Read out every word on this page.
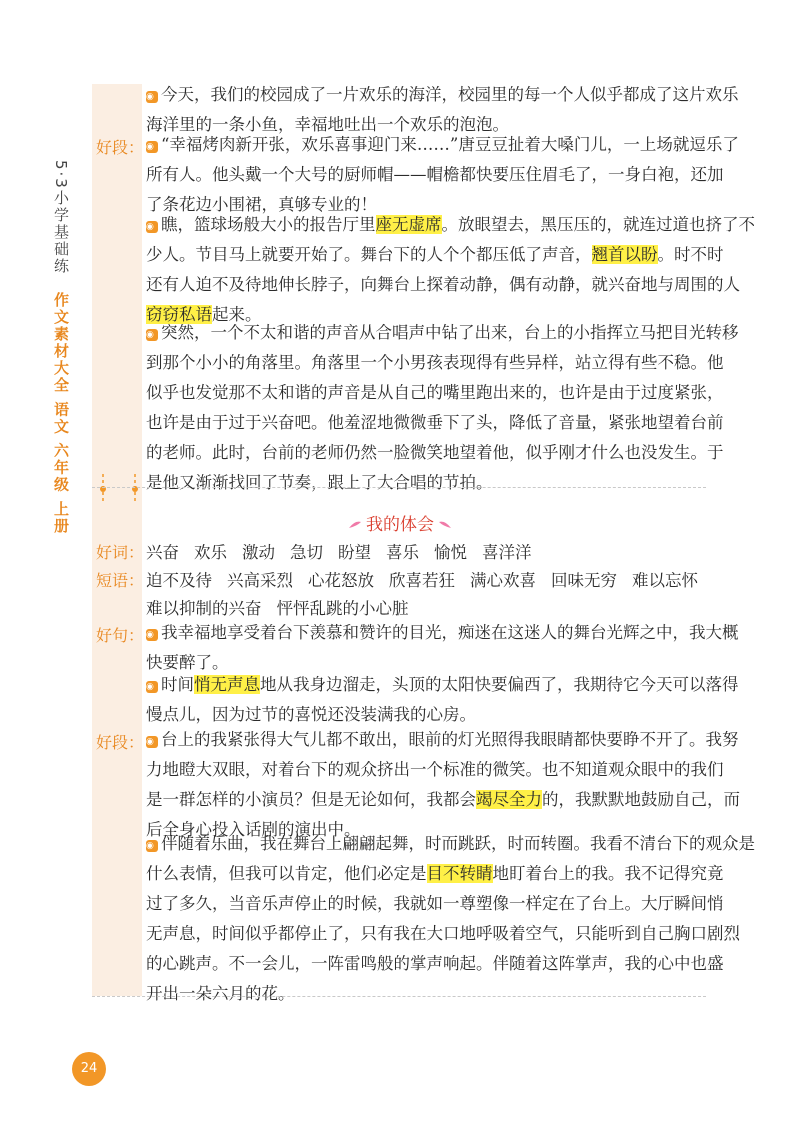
5·3小学基础练 作文素材大全 语文 六年级 上册
◉ 今天，我们的校园成了一片欢乐的海洋，校园里的每一个人似乎都成了这片欢乐
海洋里的一条小鱼，幸福地吐出一个欢乐的泡泡。
好段： ◉ “幸福烤肉新开张，欢乐喜事迎门来……”唐豆豆扯着大嗓门儿，一上场就逗乐了
所有人。他头戴一个大号的厨师帽——帽檐都快要压住眉毛了，一身白袍，还加
了条花边小围裙，真够专业的！
◉ 瞧，篮球场般大小的报告厅里座无虚席。放眼望去，黑压压的，就连过道也挤了不
少人。节目马上就要开始了。舞台下的人个个都压低了声音，翘首以盼。时不时
还有人迫不及待地伸长脖子，向舞台上探着动静，偶有动静，就兴奋地与周围的人
窃窃私语起来。
◉ 突然，一个不太和谐的声音从合唱声中钻了出来，台上的小指挥立马把目光转移
到那个小小的角落里。角落里一个小男孩表现得有些异样，站立得有些不稳。他
似乎也发觉那不太和谐的声音是从自己的嘴里跑出来的，也许是由于过度紧张，
也许是由于过于兴奋吧。他羞涩地微微垂下了头，降低了音量，紧张地望着台前
的老师。此时，台前的老师仍然一脸微笑地望着他，似乎刚才什么也没发生。于
是他又渐渐找回了节奏，跟上了大合唱的节拍。
我的体会
好词： 兴奋 欢乐 激动 急切 盼望 喜乐 愉悦 喜洋洋
短语： 迫不及待 兴高采烈 心花怒放 欣喜若狂 满心欢喜 回味无穷 难以忘怀
难以抑制的兴奋 怦怦乱跳的小心脏
好句： ◉ 我幸福地享受着台下羡慕和赞许的目光，痴迷在这迷人的舞台光辉之中，我大概
快要醉了。
◉ 时间悄无声息地从我身边溜走，头顶的太阳快要偏西了，我期待它今天可以落得
慢点儿，因为过节的喜悦还没装满我的心房。
好段： ◉ 台上的我紧张得大气儿都不敢出，眼前的灯光照得我眼睛都快要睁不开了。我努
力地瞪大双眼，对着台下的观众挤出一个标准的微笑。也不知道观众眼中的我们
是一群怎样的小演员？但是无论如何，我都会竭尽全力的，我默默地鼓励自己，而
后全身心投入话剧的演出中。
◉ 伴随着乐曲，我在舞台上翩翩起舞，时而跳跃，时而转圈。我看不清台下的观众是
什么表情，但我可以肯定，他们必定是目不转睛地盯着台上的我。我不记得究竟
过了多久，当音乐声停止的时候，我就如一尊塑像一样定在了台上。大厅瞬间悄
无声息，时间似乎都停止了，只有我在大口地呼吸着空气，只能听到自己胸口剧烈
的心跳声。不一会儿，一阵雷鸣般的掌声响起。伴随着这阵掌声，我的心中也盛
开出一朵六月的花。
24
